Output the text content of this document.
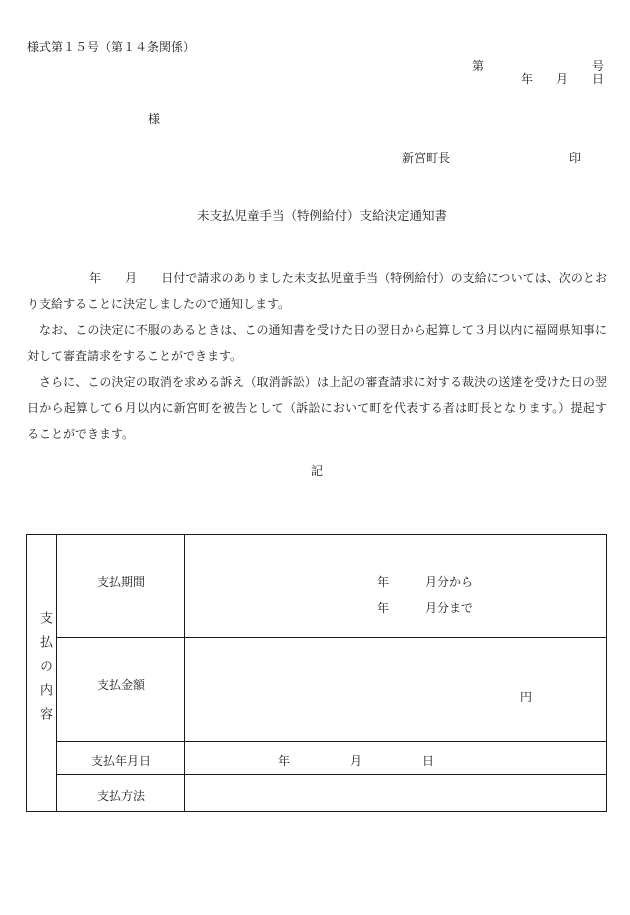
様式第１５号（第１４条関係）
第	号
年 月 日
様
新宮町長	印
未支払児童手当（特例給付）支給決定通知書

年 月 日付で請求のありました未支払児童手当（特例給付）の支給については、次のとおり支給することに決定しましたので通知します。

なお、この決定に不服のあるときは、この通知書を受けた日の翌日から起算して３月以内に福岡県知事に対して審査請求をすることができます。

さらに、この決定の取消を求める訴え（取消訴訟）は上記の審査請求に対する裁決の送達を受けた日の翌日から起算して６月以内に新宮町を被告として（訴訟において町を代表する者は町長となります。）提起することができます。

記
支払の内容	支払期間	年 月分から
年 月分まで

	支払金額	円

	支払年月日	年 月 日

	支払方法	
